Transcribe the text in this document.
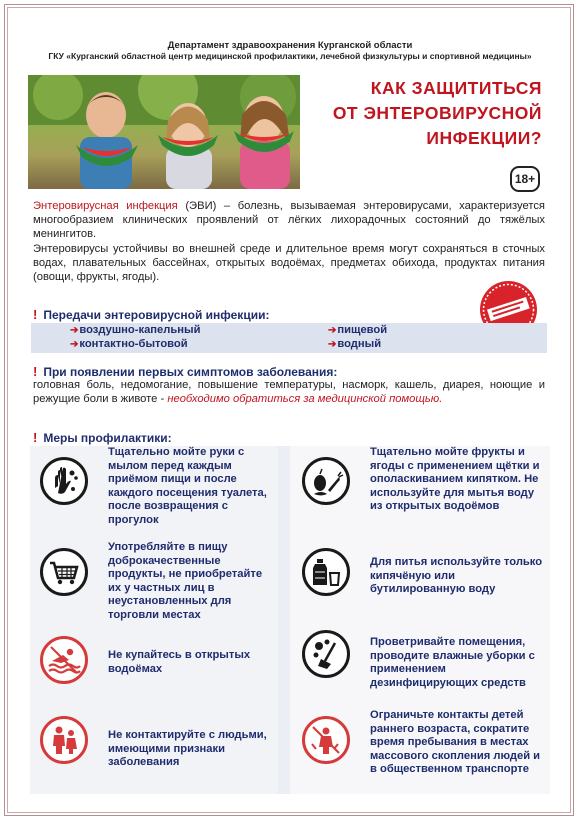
Департамент здравоохранения Курганской области
ГКУ «Курганский областной центр медицинской профилактики, лечебной физкультуры и спортивной медицины»
КАК ЗАЩИТИТЬСЯ
ОТ ЭНТЕРОВИРУСНОЙ
ИНФЕКЦИИ?
18+

Энтеровирусная инфекция (ЭВИ) – болезнь, вызываемая энтеровирусами, характеризуется многообразием клинических проявлений от лёгких лихорадочных состояний до тяжёлых менингитов.

Энтеровирусы устойчивы во внешней среде и длительное время могут сохраняться в сточных водах, плавательных бассейнах, открытых водоёмах, предметах обихода, продуктах питания (овощи, фрукты, ягоды).

! Передачи энтеровирусной инфекции:
➔воздушно-капельный
➔контактно-бытовой
➔пищевой
➔водный
! При появлении первых симптомов заболевания:
головная боль, недомогание, повышение температуры, насморк, кашель, диарея, ноющие и режущие боли в животе - необходимо обратиться за медицинской помощью.
! Меры профилактики:
Тщательно мойте руки с мылом перед каждым приёмом пищи и после каждого посещения туалета, после возвращения с прогулок
Употребляйте в пищу доброкачественные продукты, не приобретайте их у частных лиц в неустановленных для торговли местах
Не купайтесь в открытых водоёмах
Не контактируйте с людьми, имеющими признаки заболевания
Тщательно мойте фрукты и ягоды с применением щётки и ополаскиванием кипятком. Не используйте для мытья воду из открытых водоёмов
Для питья используйте только кипячёную или бутилированную воду
Проветривайте помещения, проводите влажные уборки с применением дезинфицирующих средств
Ограничьте контакты детей раннего возраста, сократите время пребывания в местах массового скопления людей и в общественном транспорте
